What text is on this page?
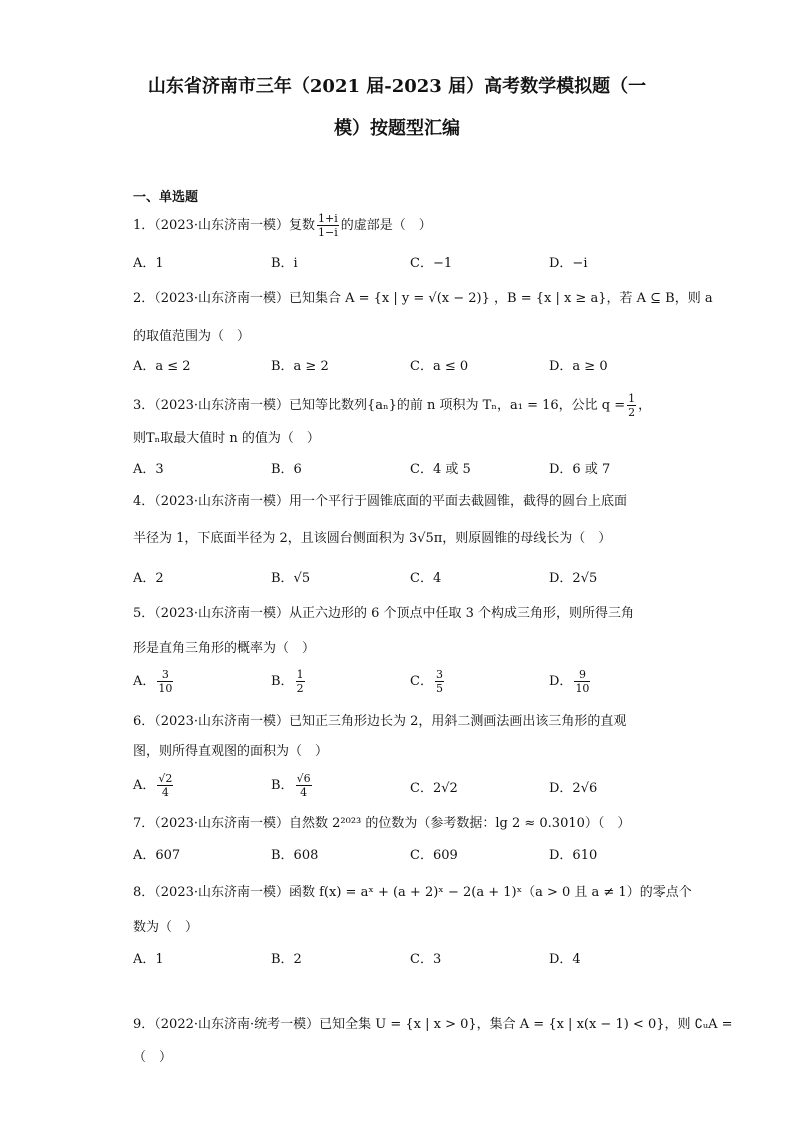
山东省济南市三年（2021 届-2023 届）高考数学模拟题（一
模）按题型汇编
一、单选题
1．（2023·山东济南一模）复数 $\frac{1+i}{1-i}$ 的虚部是（　）
A．1	B．i	C．−1	D．−i
2．（2023·山东济南一模）已知集合 A = {x | y = √(x − 2)} ，B = {x | x ≥ a}，若 A ⊆ B，则 a
的取值范围为（　）
A．a ≤ 2	B．a ≥ 2	C．a ≤ 0	D．a ≥ 0
3．（2023·山东济南一模）已知等比数列{aₙ}的前 n 项积为 Tₙ，a₁ = 16，公比 $q = \frac{1}{2}$ ，
则Tₙ取最大值时 n 的值为（　）
A．3	B．6	C．4 或 5	D．6 或 7
4．（2023·山东济南一模）用一个平行于圆锥底面的平面去截圆锥，截得的圆台上底面
半径为 1，下底面半径为 2，且该圆台侧面积为 3√5π，则原圆锥的母线长为（　）
A．2	B．√5	C．4	D．2√5
5．（2023·山东济南一模）从正六边形的 6 个顶点中任取 3 个构成三角形，则所得三角
形是直角三角形的概率为（　）
A． $\frac{3}{10}$	B． $\frac{1}{2}$	C． $\frac{3}{5}$	D． $\frac{9}{10}$
6．（2023·山东济南一模）已知正三角形边长为 2，用斜二测画法画出该三角形的直观
图，则所得直观图的面积为（　）
A． $\frac{√2}{4}$	B． $\frac{√6}{4}$	C．2√2	D．2√6
7．（2023·山东济南一模）自然数 2²⁰²³ 的位数为（参考数据：lg 2 ≈ 0.3010）（　）
A．607	B．608	C．609	D．610
8．（2023·山东济南一模）函数 f(x) = aˣ + (a + 2)ˣ − 2(a + 1)ˣ（a > 0 且 a ≠ 1）的零点个
数为（　）
A．1	B．2	C．3	D．4
9．（2022·山东济南·统考一模）已知全集 U = {x | x > 0}，集合 A = {x | x(x − 1) < 0}，则 ∁ᵤA =
（　）
